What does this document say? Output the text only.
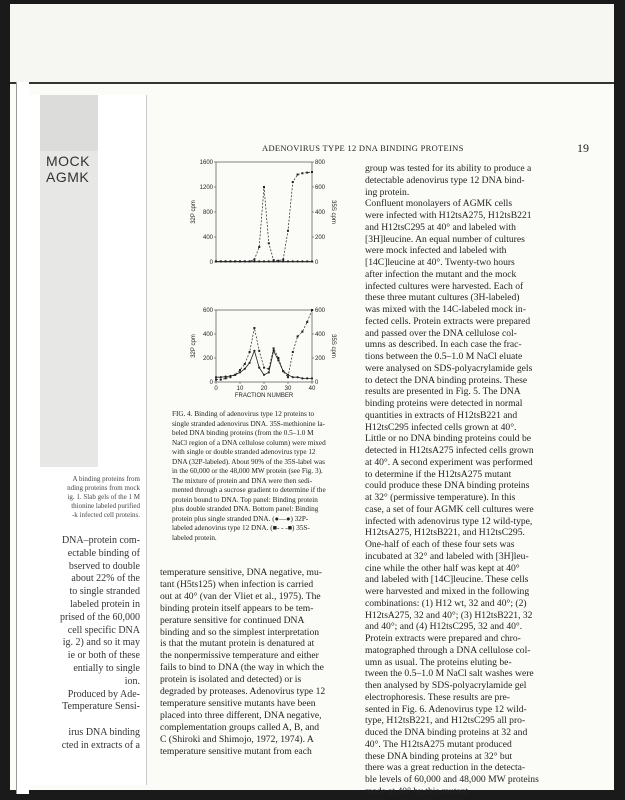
MOCK
AGMK
A binding proteins from
nding proteins from mock
ig. 1. Slab gels of the 1 M
thionine labeled purified
-k infected cell proteins.
DNA–protein com-
ectable binding of
bserved to double
about 22% of the
to single stranded
labeled protein in
prised of the 60,000
cell specific DNA
ig. 2) and so it may
ie or both of these
entially to single
ion.
Produced by Ade-
Temperature Sensi-

irus DNA binding
cted in extracts of a
ADENOVIRUS TYPE 12 DNA BINDING PROTEINS	19
1600
1200
800
400
0
800
600
400
200
0
32P cpm	35S cpm
600
400
200
0
600
400
200
0
32P cpm	35S cpm
0	10	20	30	40
FRACTION NUMBER
FIG. 4. Binding of adenovirus type 12 proteins to
single stranded adenovirus DNA. 35S-methionine la-
beled DNA binding proteins (from the 0.5–1.0 M
NaCl region of a DNA cellulose column) were mixed
with single or double stranded adenovirus type 12
DNA (32P-labeled). About 90% of the 35S-label was
in the 60,000 or the 48,000 MW protein (see Fig. 3).
The mixture of protein and DNA were then sedi-
mented through a sucrose gradient to determine if the
protein bound to DNA. Top panel: Binding protein
plus double stranded DNA. Bottom panel: Binding
protein plus single stranded DNA. (●—●) 32P-
labeled adenovirus type 12 DNA. (■- - -■) 35S-
labeled protein.
temperature sensitive, DNA negative, mu-
tant (H5ts125) when infection is carried
out at 40° (van der Vliet et al., 1975). The
binding protein itself appears to be tem-
perature sensitive for continued DNA
binding and so the simplest interpretation
is that the mutant protein is denatured at
the nonpermissive temperature and either
fails to bind to DNA (the way in which the
protein is isolated and detected) or is
degraded by proteases. Adenovirus type 12
temperature sensitive mutants have been
placed into three different, DNA negative,
complementation groups called A, B, and
C (Shiroki and Shimojo, 1972, 1974). A
temperature sensitive mutant from each
group was tested for its ability to produce a
detectable adenovirus type 12 DNA bind-
ing protein.
Confluent monolayers of AGMK cells
were infected with H12tsA275, H12tsB221
and H12tsC295 at 40° and labeled with
[3H]leucine. An equal number of cultures
were mock infected and labeled with
[14C]leucine at 40°. Twenty-two hours
after infection the mutant and the mock
infected cultures were harvested. Each of
these three mutant cultures (3H-labeled)
was mixed with the 14C-labeled mock in-
fected cells. Protein extracts were prepared
and passed over the DNA cellulose col-
umns as described. In each case the frac-
tions between the 0.5–1.0 M NaCl eluate
were analysed on SDS-polyacrylamide gels
to detect the DNA binding proteins. These
results are presented in Fig. 5. The DNA
binding proteins were detected in normal
quantities in extracts of H12tsB221 and
H12tsC295 infected cells grown at 40°.
Little or no DNA binding proteins could be
detected in H12tsA275 infected cells grown
at 40°. A second experiment was performed
to determine if the H12tsA275 mutant
could produce these DNA binding proteins
at 32° (permissive temperature). In this
case, a set of four AGMK cell cultures were
infected with adenovirus type 12 wild-type,
H12tsA275, H12tsB221, and H12tsC295.
One-half of each of these four sets was
incubated at 32° and labeled with [3H]leu-
cine while the other half was kept at 40°
and labeled with [14C]leucine. These cells
were harvested and mixed in the following
combinations: (1) H12 wt, 32 and 40°; (2)
H12tsA275, 32 and 40°; (3) H12tsB221, 32
and 40°; and (4) H12tsC295, 32 and 40°.
Protein extracts were prepared and chro-
matographed through a DNA cellulose col-
umn as usual. The proteins eluting be-
tween the 0.5–1.0 M NaCl salt washes were
then analysed by SDS-polyacrylamide gel
electrophoresis. These results are pre-
sented in Fig. 6. Adenovirus type 12 wild-
type, H12tsB221, and H12tsC295 all pro-
duced the DNA binding proteins at 32 and
40°. The H12tsA275 mutant produced
these DNA binding proteins at 32° but
there was a great reduction in the detecta-
ble levels of 60,000 and 48,000 MW proteins
made at 40° by this mutant.
